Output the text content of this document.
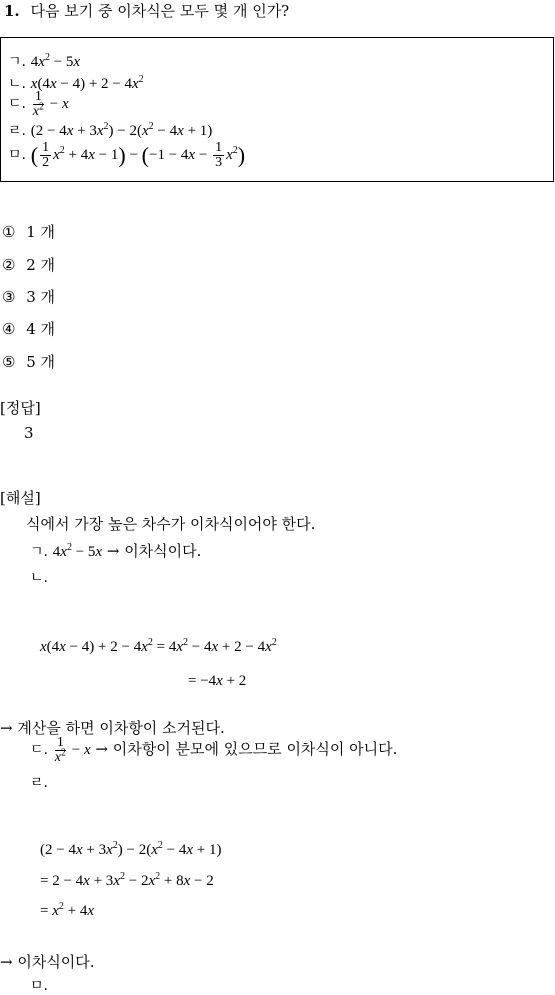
1. 다음 보기 중 이차식은 모두 몇 개 인가?
ㄱ. $4x^2 - 5x$
ㄴ. $x(4x - 4) + 2 - 4x^2$
ㄷ. $\frac{1}{x^2} - x$
ㄹ. $(2 - 4x + 3x^2) - 2(x^2 - 4x + 1)$
ㅁ. ( $\frac{1}{2} x^2 + 4x - 1) - (-1 - 4x - \frac{1}{3} x^2)$
① 1 개
② 2 개
③ 3 개
④ 4 개
⑤ 5 개
[정답]
3
[해설]
식에서 가장 높은 차수가 이차식이어야 한다.
ㄱ. $4x^2 - 5x$ → 이차식이다.
ㄴ.
$x(4x - 4) + 2 - 4x^2 = 4x^2 - 4x + 2 - 4x^2$
= −4x + 2
→ 계산을 하면 이차항이 소거된다.
ㄷ. $\frac{1}{x^2} - x$ → 이차항이 분모에 있으므로 이차식이 아니다.
ㄹ.
$(2 - 4x + 3x^2) - 2(x^2 - 4x + 1)$
= $2 - 4x + 3x^2 - 2x^2 + 8x - 2$
= $x^2 + 4x$
→ 이차식이다.
ㅁ.
